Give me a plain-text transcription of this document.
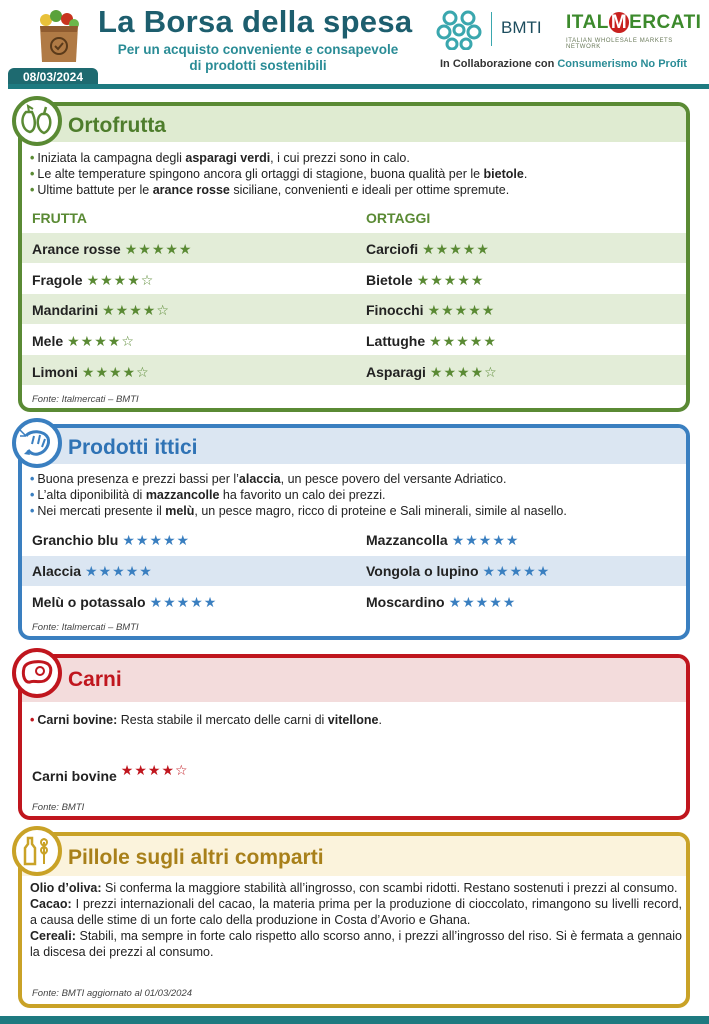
La Borsa della spesa
Per un acquisto conveniente e consapevole
di prodotti sostenibili
BMTI ITAL M ERCATI
ITALIAN WHOLESALE MARKETS NETWORK
In Collaborazione con Consumerismo No Profit
08/03/2024
Ortofrutta
• Iniziata la campagna degli asparagi verdi, i cui prezzi sono in calo.
• Le alte temperature spingono ancora gli ortaggi di stagione, buona qualità per le bietole.
• Ultime battute per le arance rosse siciliane, convenienti e ideali per ottime spremute.
FRUTTA	ORTAGGI
Arance rosse ★★★★★
Fragole ★★★★☆
Mandarini ★★★★☆
Mele ★★★★☆
Limoni ★★★★☆
Carciofi ★★★★★
Bietole ★★★★★
Finocchi ★★★★★
Lattughe ★★★★★
Asparagi ★★★★☆
Fonte: Italmercati – BMTI
Prodotti ittici
• Buona presenza e prezzi bassi per l’alaccia, un pesce povero del versante Adriatico.
• L’alta diponibilità di mazzancolle ha favorito un calo dei prezzi.
• Nei mercati presente il melù, un pesce magro, ricco di proteine e Sali minerali, simile al nasello.
Granchio blu ★★★★★
Alaccia ★★★★★
Melù o potassalo ★★★★★
Mazzancolla ★★★★★
Vongola o lupino ★★★★★
Moscardino ★★★★★
Fonte: Italmercati – BMTI
Carni
• Carni bovine: Resta stabile il mercato delle carni di vitellone.
Carni bovine ★★★★☆
Fonte: BMTI
Pillole sugli altri comparti

Olio d’oliva: Si conferma la maggiore stabilità all’ingrosso, con scambi ridotti. Restano sostenuti i prezzi al consumo.

Cacao: I prezzi internazionali del cacao, la materia prima per la produzione di cioccolato, rimangono su livelli record, a causa delle stime di un forte calo della produzione in Costa d’Avorio e Ghana.

Cereali: Stabili, ma sempre in forte calo rispetto allo scorso anno, i prezzi all’ingrosso del riso. Si è fermata a gennaio la discesa dei prezzi al consumo.

Fonte: BMTI aggiornato al 01/03/2024
